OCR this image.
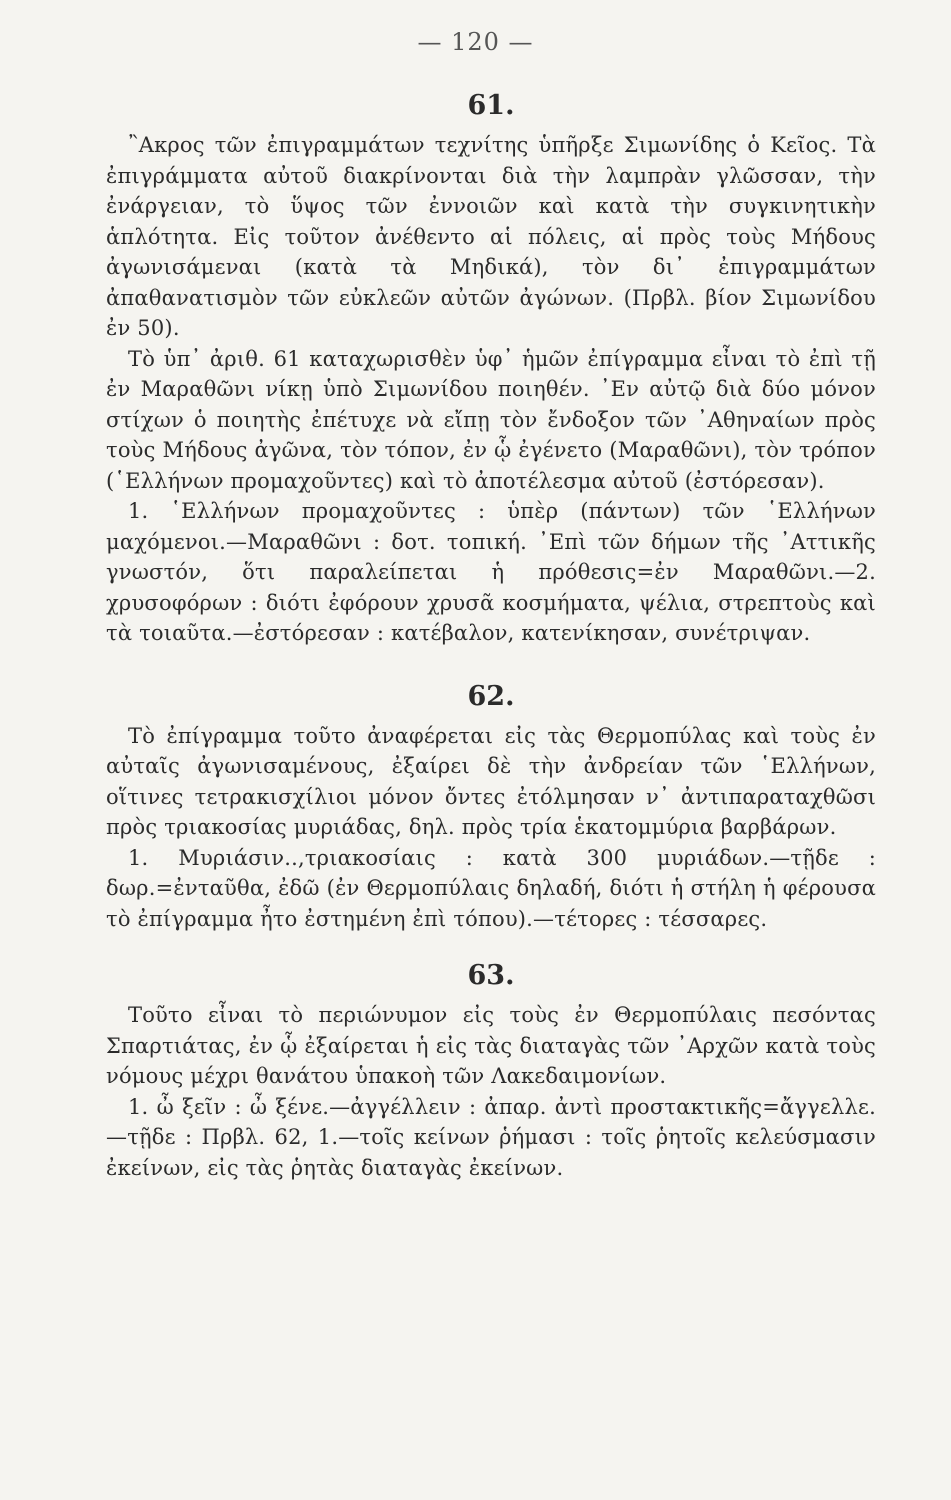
— 120 —
61.

῍Ακρος τῶν ἐπιγραμμάτων τεχνίτης ὑπῆρξε Σιμωνίδης ὁ Κεῖος. Τὰ ἐπιγράμματα αὐτοῦ διακρίνονται διὰ τὴν λαμπρὰν γλῶσσαν, τὴν ἐνάργειαν, τὸ ὕψος τῶν ἐννοιῶν καὶ κατὰ τὴν συγκινητικὴν ἁπλότητα. Εἰς τοῦτον ἀνέθεντο αἱ πόλεις, αἱ πρὸς τοὺς Μήδους ἀγωνισάμεναι (κατὰ τὰ Μηδικά), τὸν δι᾿ ἐπιγραμμάτων ἀπαθανατισμὸν τῶν εὐκλεῶν αὐτῶν ἀγώνων. (Πρβλ. βίον Σιμωνίδου ἐν 50).

Τὸ ὑπ᾿ ἀριθ. 61 καταχωρισθὲν ὑφ᾿ ἡμῶν ἐπίγραμμα εἶναι τὸ ἐπὶ τῇ ἐν Μαραθῶνι νίκῃ ὑπὸ Σιμωνίδου ποιηθέν. ᾿Εν αὐτῷ διὰ δύο μόνον στίχων ὁ ποιητὴς ἐπέτυχε νὰ εἴπῃ τὸν ἔνδοξον τῶν ᾿Αθηναίων πρὸς τοὺς Μήδους ἀγῶνα, τὸν τόπον, ἐν ᾧ ἐγένετο (Μαραθῶνι), τὸν τρόπον (῾Ελλήνων προμαχοῦντες) καὶ τὸ ἀποτέλεσμα αὐτοῦ (ἐστόρεσαν).

1. ῾Ελλήνων προμαχοῦντες : ὑπὲρ (πάντων) τῶν ῾Ελλήνων μαχόμενοι.—Μαραθῶνι : δοτ. τοπική. ᾿Επὶ τῶν δήμων τῆς ᾿Αττικῆς γνωστόν, ὅτι παραλείπεται ἡ πρόθεσις=ἐν Μαραθῶνι.—2. χρυσοφόρων : διότι ἐφόρουν χρυσᾶ κοσμήματα, ψέλια, στρεπτοὺς καὶ τὰ τοιαῦτα.—ἐστόρεσαν : κατέβαλον, κατενίκησαν, συνέτριψαν.

62.

Τὸ ἐπίγραμμα τοῦτο ἀναφέρεται εἰς τὰς Θερμοπύλας καὶ τοὺς ἐν αὐταῖς ἀγωνισαμένους, ἐξαίρει δὲ τὴν ἀνδρείαν τῶν ῾Ελλήνων, οἵτινες τετρακισχίλιοι μόνον ὄντες ἐτόλμησαν ν᾿ ἀντιπαραταχθῶσι πρὸς τριακοσίας μυριάδας, δηλ. πρὸς τρία ἑκατομμύρια βαρβάρων.

1. Μυριάσιν..,τριακοσίαις : κατὰ 300 μυριάδων.—τῇδε : δωρ.=ἐνταῦθα, ἐδῶ (ἐν Θερμοπύλαις δηλαδή, διότι ἡ στήλη ἡ φέρουσα τὸ ἐπίγραμμα ἦτο ἐστημένη ἐπὶ τόπου).—τέτορες : τέσσαρες.

63.

Τοῦτο εἶναι τὸ περιώνυμον εἰς τοὺς ἐν Θερμοπύλαις πεσόντας Σπαρτιάτας, ἐν ᾧ ἐξαίρεται ἡ εἰς τὰς διαταγὰς τῶν ᾿Αρχῶν κατὰ τοὺς νόμους μέχρι θανάτου ὑπακοὴ τῶν Λακεδαιμονίων.

1. ὦ ξεῖν : ὦ ξένε.—ἀγγέλλειν : ἀπαρ. ἀντὶ προστακτικῆς=ἄγγελλε. —τῇδε : Πρβλ. 62, 1.—τοῖς κείνων ῥήμασι : τοῖς ῥητοῖς κελεύσμασιν ἐκείνων, εἰς τὰς ῥητὰς διαταγὰς ἐκείνων.
